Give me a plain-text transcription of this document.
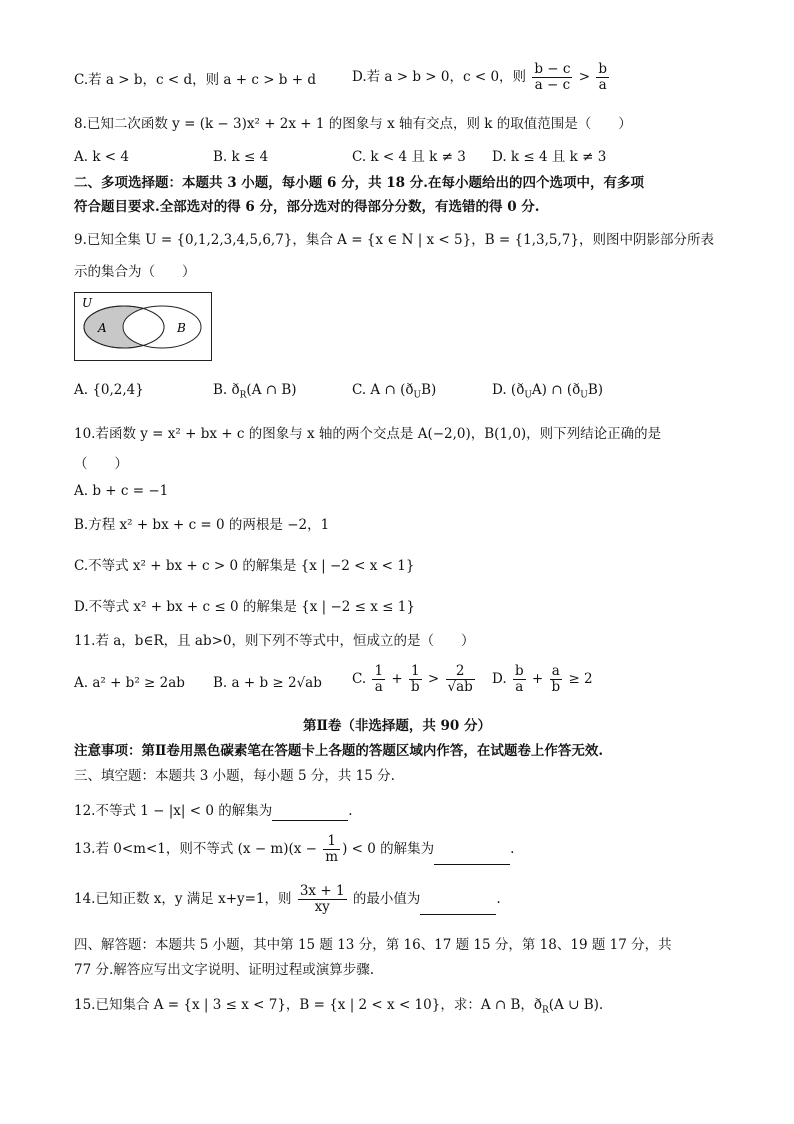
C.若 a > b，c < d，则 a + c > b + d	D.若 a > b > 0，c < 0，则 $\frac{b - c}{a - c} > \frac{b}{a}$
8.已知二次函数 y = (k − 3)x² + 2x + 1 的图象与 x 轴有交点，则 k 的取值范围是（　　）
A. k < 4	B. k ≤ 4	C. k < 4 且 k ≠ 3 D. k ≤ 4 且 k ≠ 3
二、多项选择题：本题共 3 小题，每小题 6 分，共 18 分.在每小题给出的四个选项中，有多项
符合题目要求.全部选对的得 6 分，部分选对的得部分分数，有选错的得 0 分.
9.已知全集 U = {0,1,2,3,4,5,6,7}，集合 A = {x ∈ N | x < 5}，B = {1,3,5,7}，则图中阴影部分所表
示的集合为（　　）
U
A	B
A. {0,2,4}	B. $ð_R(A$ ∩ B)	C. A ∩ $(ð_UB)$	D. $(ð_UA)$ ∩ $(ð_UB)$
10.若函数 y = x² + bx + c 的图象与 x 轴的两个交点是 A(−2,0)，B(1,0)，则下列结论正确的是
（　　）
A. b + c = −1
B.方程 x² + bx + c = 0 的两根是 −2，1
C.不等式 x² + bx + c > 0 的解集是 {x | −2 < x < 1}
D.不等式 x² + bx + c ≤ 0 的解集是 {x | −2 ≤ x ≤ 1}
11.若 a，b∈R，且 ab>0，则下列不等式中，恒成立的是（　　）
A. a² + b² ≥ 2ab B. a + b ≥ 2√ab C. $\frac{1}{a} + \frac{1}{b} > \frac{2}{√ab} D$. $\frac{b}{a} + \frac{a}{b} \ge 2$
第Ⅱ卷（非选择题，共 90 分）
注意事项：第Ⅱ卷用黑色碳素笔在答题卡上各题的答题区域内作答，在试题卷上作答无效.
三、填空题：本题共 3 小题，每小题 5 分，共 15 分.
12.不等式 1 − |x| < 0 的解集为	.
13.若 0<m<1，则不等式 $(x - m)(x - \frac{1}{m}$ ) < 0 的解集为	.
14.已知正数 x，y 满足 x+y=1，则 $\frac{3x + 1}{xy}$ 的最小值为	.
四、解答题：本题共 5 小题，其中第 15 题 13 分，第 16、17 题 15 分，第 18、19 题 17 分，共
77 分.解答应写出文字说明、证明过程或演算步骤.
15.已知集合 A = {x | 3 ≤ x < 7}，B = {x | 2 < x < 10}，求：A ∩ B，$ð_R(A$ ∪ B).
